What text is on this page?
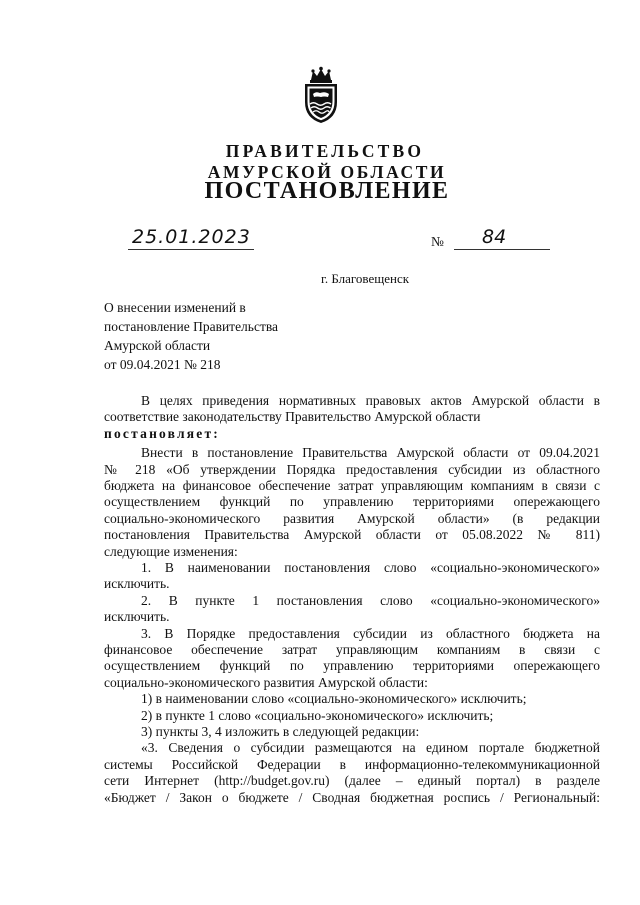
ПРАВИТЕЛЬСТВО
АМУРСКОЙ ОБЛАСТИ
ПОСТАНОВЛЕНИЕ
25.01.2023	№ 84
г. Благовещенск
О внесении изменений в
постановление Правительства
Амурской области
от 09.04.2021 № 218
В целях приведения нормативных правовых актов Амурской области в
соответствие законодательству Правительство Амурской области
постановляет:
Внести в постановление Правительства Амурской области от 09.04.2021
№ 218 «Об утверждении Порядка предоставления субсидии из областного
бюджета на финансовое обеспечение затрат управляющим компаниям в связи с
осуществлением функций по управлению территориями опережающего
социально-экономического развития Амурской области» (в редакции
постановления Правительства Амурской области от 05.08.2022 № 811)
следующие изменения:
1. В наименовании постановления слово «социально-экономического»
исключить.
2. В пункте 1 постановления слово «социально-экономического»
исключить.
3. В Порядке предоставления субсидии из областного бюджета на
финансовое обеспечение затрат управляющим компаниям в связи с
осуществлением функций по управлению территориями опережающего
социально-экономического развития Амурской области:
1) в наименовании слово «социально-экономического» исключить;
2) в пункте 1 слово «социально-экономического» исключить;
3) пункты 3, 4 изложить в следующей редакции:
«3. Сведения о субсидии размещаются на едином портале бюджетной
системы Российской Федерации в информационно-телекоммуникационной
сети Интернет (http://budget.gov.ru) (далее – единый портал) в разделе
«Бюджет / Закон о бюджете / Сводная бюджетная роспись / Региональный:
